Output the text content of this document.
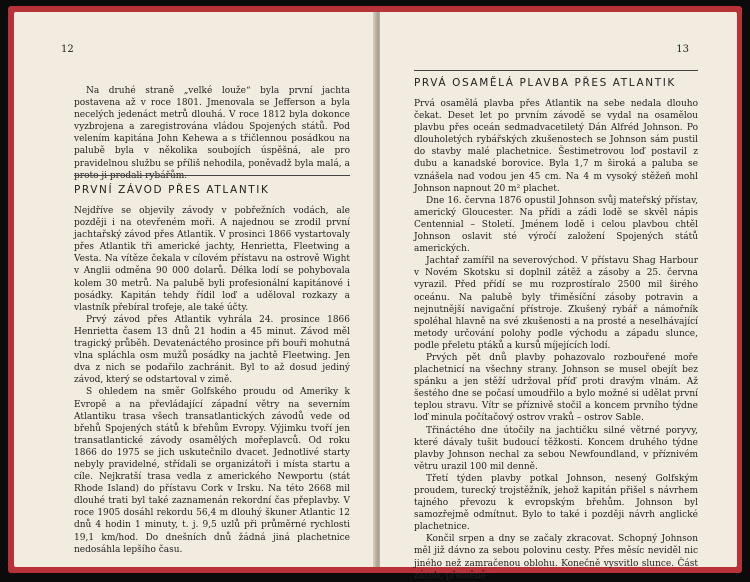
12

Na druhé straně „velké louže“ byla první jachta postavena až v roce 1801. Jmenovala se Jefferson a byla necelých jedenáct metrů dlouhá. V roce 1812 byla dokonce vyzbrojena a zaregistrována vládou Spojených států. Pod velením kapitána John Kehewa a s třičlennou posádkou na palubě byla v několika soubojích úspěšná, ale pro pravidelnou službu se příliš nehodila, poněvadž byla malá, a

PRVNÍ ZÁVOD PŘES ATLANTIK

Nejdříve se objevily závody v pobřežních vodách, ale později i na otevřeném moři. A najednou se zrodil první jachtařský závod přes Atlantik. V prosinci 1866 vystartovaly přes Atlantik tři americké jachty, Henrietta, Fleetwing a Vesta. Na vítěze čekala v cílovém přístavu na ostrově Wight v Anglii odměna 90 000 dolarů. Délka lodí se pohybovala kolem 30 metrů. Na palubě byli profesionální kapitánové i posádky. Kapitán tehdy řídil loď a uděloval rozkazy a vlastník přebíral trofeje, ale také účty.

Prvý závod přes Atlantik vyhrála 24. prosince 1866 Henrietta časem 13 dnů 21 hodin a 45 minut. Závod měl tragický průběh. Devatenáctého prosince při bouři mohutná vlna spláchla osm mužů posádky na jachtě Fleetwing. Jen dva z nich se podařilo zachránit. Byl to až dosud jediný závod, který se odstartoval v zimě.

S ohledem na směr Golfského proudu od Ameriky k Evropě a na převládající západní větry na severním Atlantiku trasa všech transatlantických závodů vede od břehů Spojených států k břehům Evropy. Výjimku tvoří jen transatlantické závody osamělých mořeplavců. Od roku 1866 do 1975 se jich uskutečnilo dvacet. Jednotlivé starty nebyly pravidelné, střídali se organizátoři i místa startu a cíle. Nejkratší trasa vedla z amerického Newportu (stát Rhode Island) do přístavu Cork v Irsku. Na této 2668 mil dlouhé trati byl také zaznamenán rekordní čas přeplavby. V roce 1905 dosáhl rekordu 56,4 m dlouhý škuner Atlantic 12 dnů 4 hodin 1 minuty, t. j. 9,5 uzlů při průměrné rychlosti 19,1 km/hod. Do dnešních dnů žádná jiná plachetnice nedosáhla lepšího času.

13
PRVÁ OSAMĚLÁ PLAVBA PŘES ATLANTIK

Prvá osamělá plavba přes Atlantik na sebe nedala dlouho čekat. Deset let po prvním závodě se vydal na osamělou plavbu přes oceán sedmadvacetiletý Dán Alfréd Johnson. Po dlouholetých rybářských zkušenostech se Johnson sám pustil do stavby malé plachetnice. Šestimetrovou loď postavil z dubu a kanadské borovice. Byla 1,7 m široká a paluba se vznášela nad vodou jen 45 cm. Na 4 m vysoký stěžeň mohl Johnson napnout 20 m² plachet.

Dne 16. června 1876 opustil Johnson svůj mateřský přístav, americký Gloucester. Na přídi a zádi lodě se skvěl nápis Centennial – Století. Jménem lodě i celou plavbou chtěl Johnson oslavit sté výročí založení Spojených států amerických.

Jachtař zamířil na severovýchod. V přístavu Shag Harbour v Novém Skotsku si doplnil zátěž a zásoby a 25. června vyrazil. Před přídí se mu rozprostíralo 2500 mil širého oceánu. Na palubě byly třiměsíční zásoby potravin a nejnutnější navigační přístroje. Zkušený rybář a námořník spoléhal hlavně na své zkušenosti a na prosté a neselhávající metody určování polohy podle východu a západu slunce, podle přeletu ptáků a kursů míjejících lodí.

Prvých pět dnů plavby pohazovalo rozbouřené moře plachetnicí na všechny strany. Johnson se musel obejít bez spánku a jen stěží udržoval příď proti dravým vlnám. Až šestého dne se počasí umoudřilo a bylo možné si udělat první teplou stravu. Vítr se příznivě stočil a koncem prvního týdne loď minula počítačový ostrov vraků – ostrov Sable.

Třináctého dne útočily na jachtičku silné větrné poryvy, které dávaly tušit budoucí těžkosti. Koncem druhého týdne plavby Johnson nechal za sebou Newfoundland, v příznivém větru urazil 100 mil denně.

Třetí týden plavby potkal Johnson, nesený Golfským proudem, turecký trojstěžník, jehož kapitán přišel s návrhem tajného převozu k evropským břehům. Johnson byl samozřejmě odmítnut. Bylo to také i později návrh anglické plachetnice.

Končil srpen a dny se začaly zkracovat. Schopný Johnson měl již dávno za sebou polovinu cesty. Přes měsíc neviděl nic jiného než zamračenou oblohu. Konečně vysvitlo slunce. Část zásob, přeměně-
